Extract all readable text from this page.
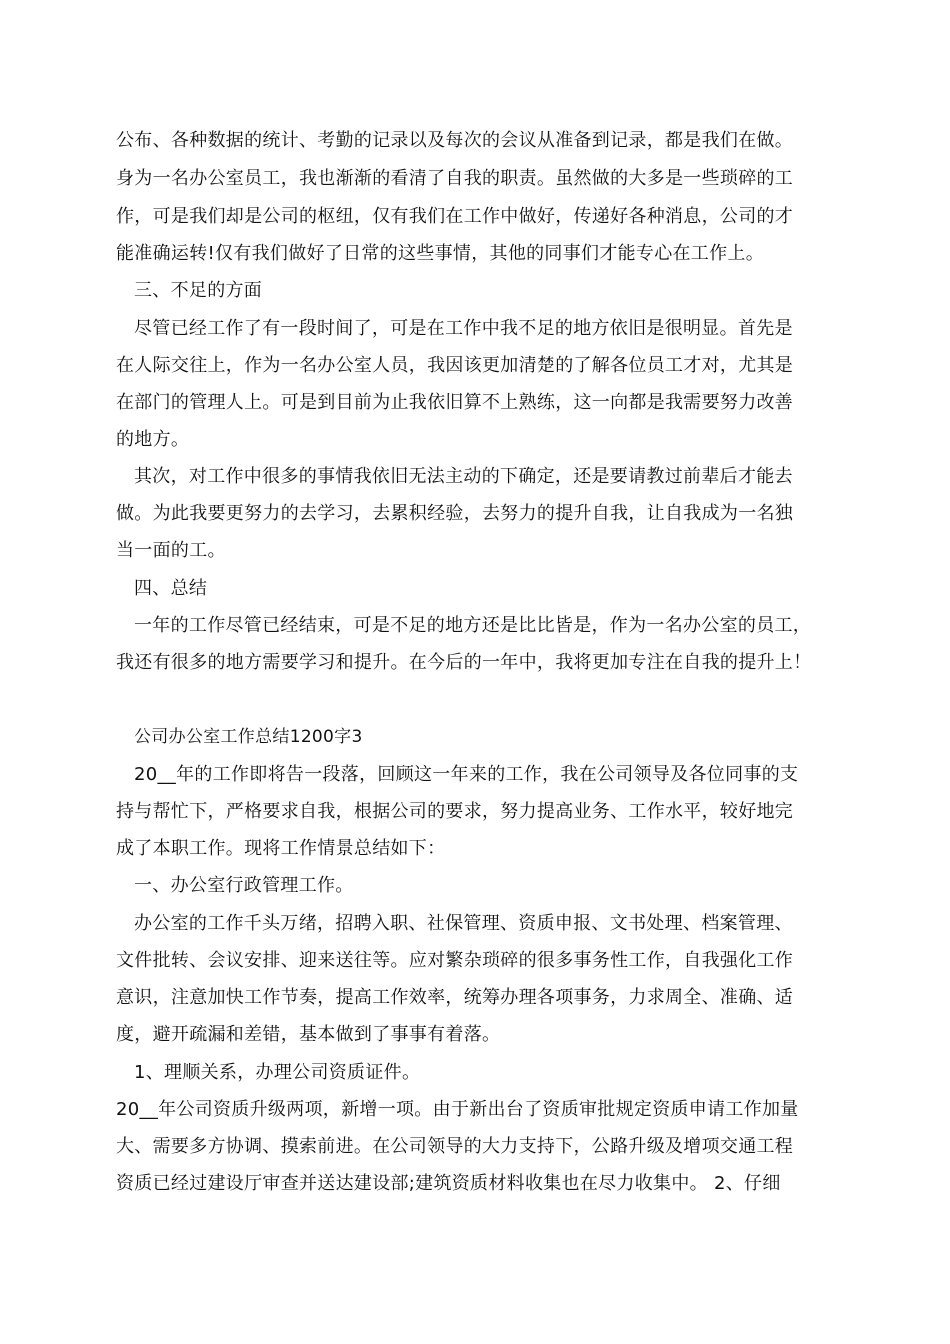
公布、各种数据的统计、考勤的记录以及每次的会议从准备到记录，都是我们在做。
身为一名办公室员工，我也渐渐的看清了自我的职责。虽然做的大多是一些琐碎的工
作，可是我们却是公司的枢纽，仅有我们在工作中做好，传递好各种消息，公司的才
能准确运转!仅有我们做好了日常的这些事情，其他的同事们才能专心在工作上。
三、不足的方面
尽管已经工作了有一段时间了，可是在工作中我不足的地方依旧是很明显。首先是
在人际交往上，作为一名办公室人员，我因该更加清楚的了解各位员工才对，尤其是
在部门的管理人上。可是到目前为止我依旧算不上熟练，这一向都是我需要努力改善
的地方。
其次，对工作中很多的事情我依旧无法主动的下确定，还是要请教过前辈后才能去
做。为此我要更努力的去学习，去累积经验，去努力的提升自我，让自我成为一名独
当一面的工。
四、总结
一年的工作尽管已经结束，可是不足的地方还是比比皆是，作为一名办公室的员工，
我还有很多的地方需要学习和提升。在今后的一年中，我将更加专注在自我的提升上！
公司办公室工作总结1200字3
20__年的工作即将告一段落，回顾这一年来的工作，我在公司领导及各位同事的支
持与帮忙下，严格要求自我，根据公司的要求，努力提高业务、工作水平，较好地完
成了本职工作。现将工作情景总结如下：
一、办公室行政管理工作。
办公室的工作千头万绪，招聘入职、社保管理、资质申报、文书处理、档案管理、
文件批转、会议安排、迎来送往等。应对繁杂琐碎的很多事务性工作，自我强化工作
意识，注意加快工作节奏，提高工作效率，统筹办理各项事务，力求周全、准确、适
度，避开疏漏和差错，基本做到了事事有着落。
1、理顺关系，办理公司资质证件。
20__年公司资质升级两项，新增一项。由于新出台了资质审批规定资质申请工作加量
大、需要多方协调、摸索前进。在公司领导的大力支持下，公路升级及增项交通工程
资质已经过建设厅审查并送达建设部;建筑资质材料收集也在尽力收集中。 2、仔细
